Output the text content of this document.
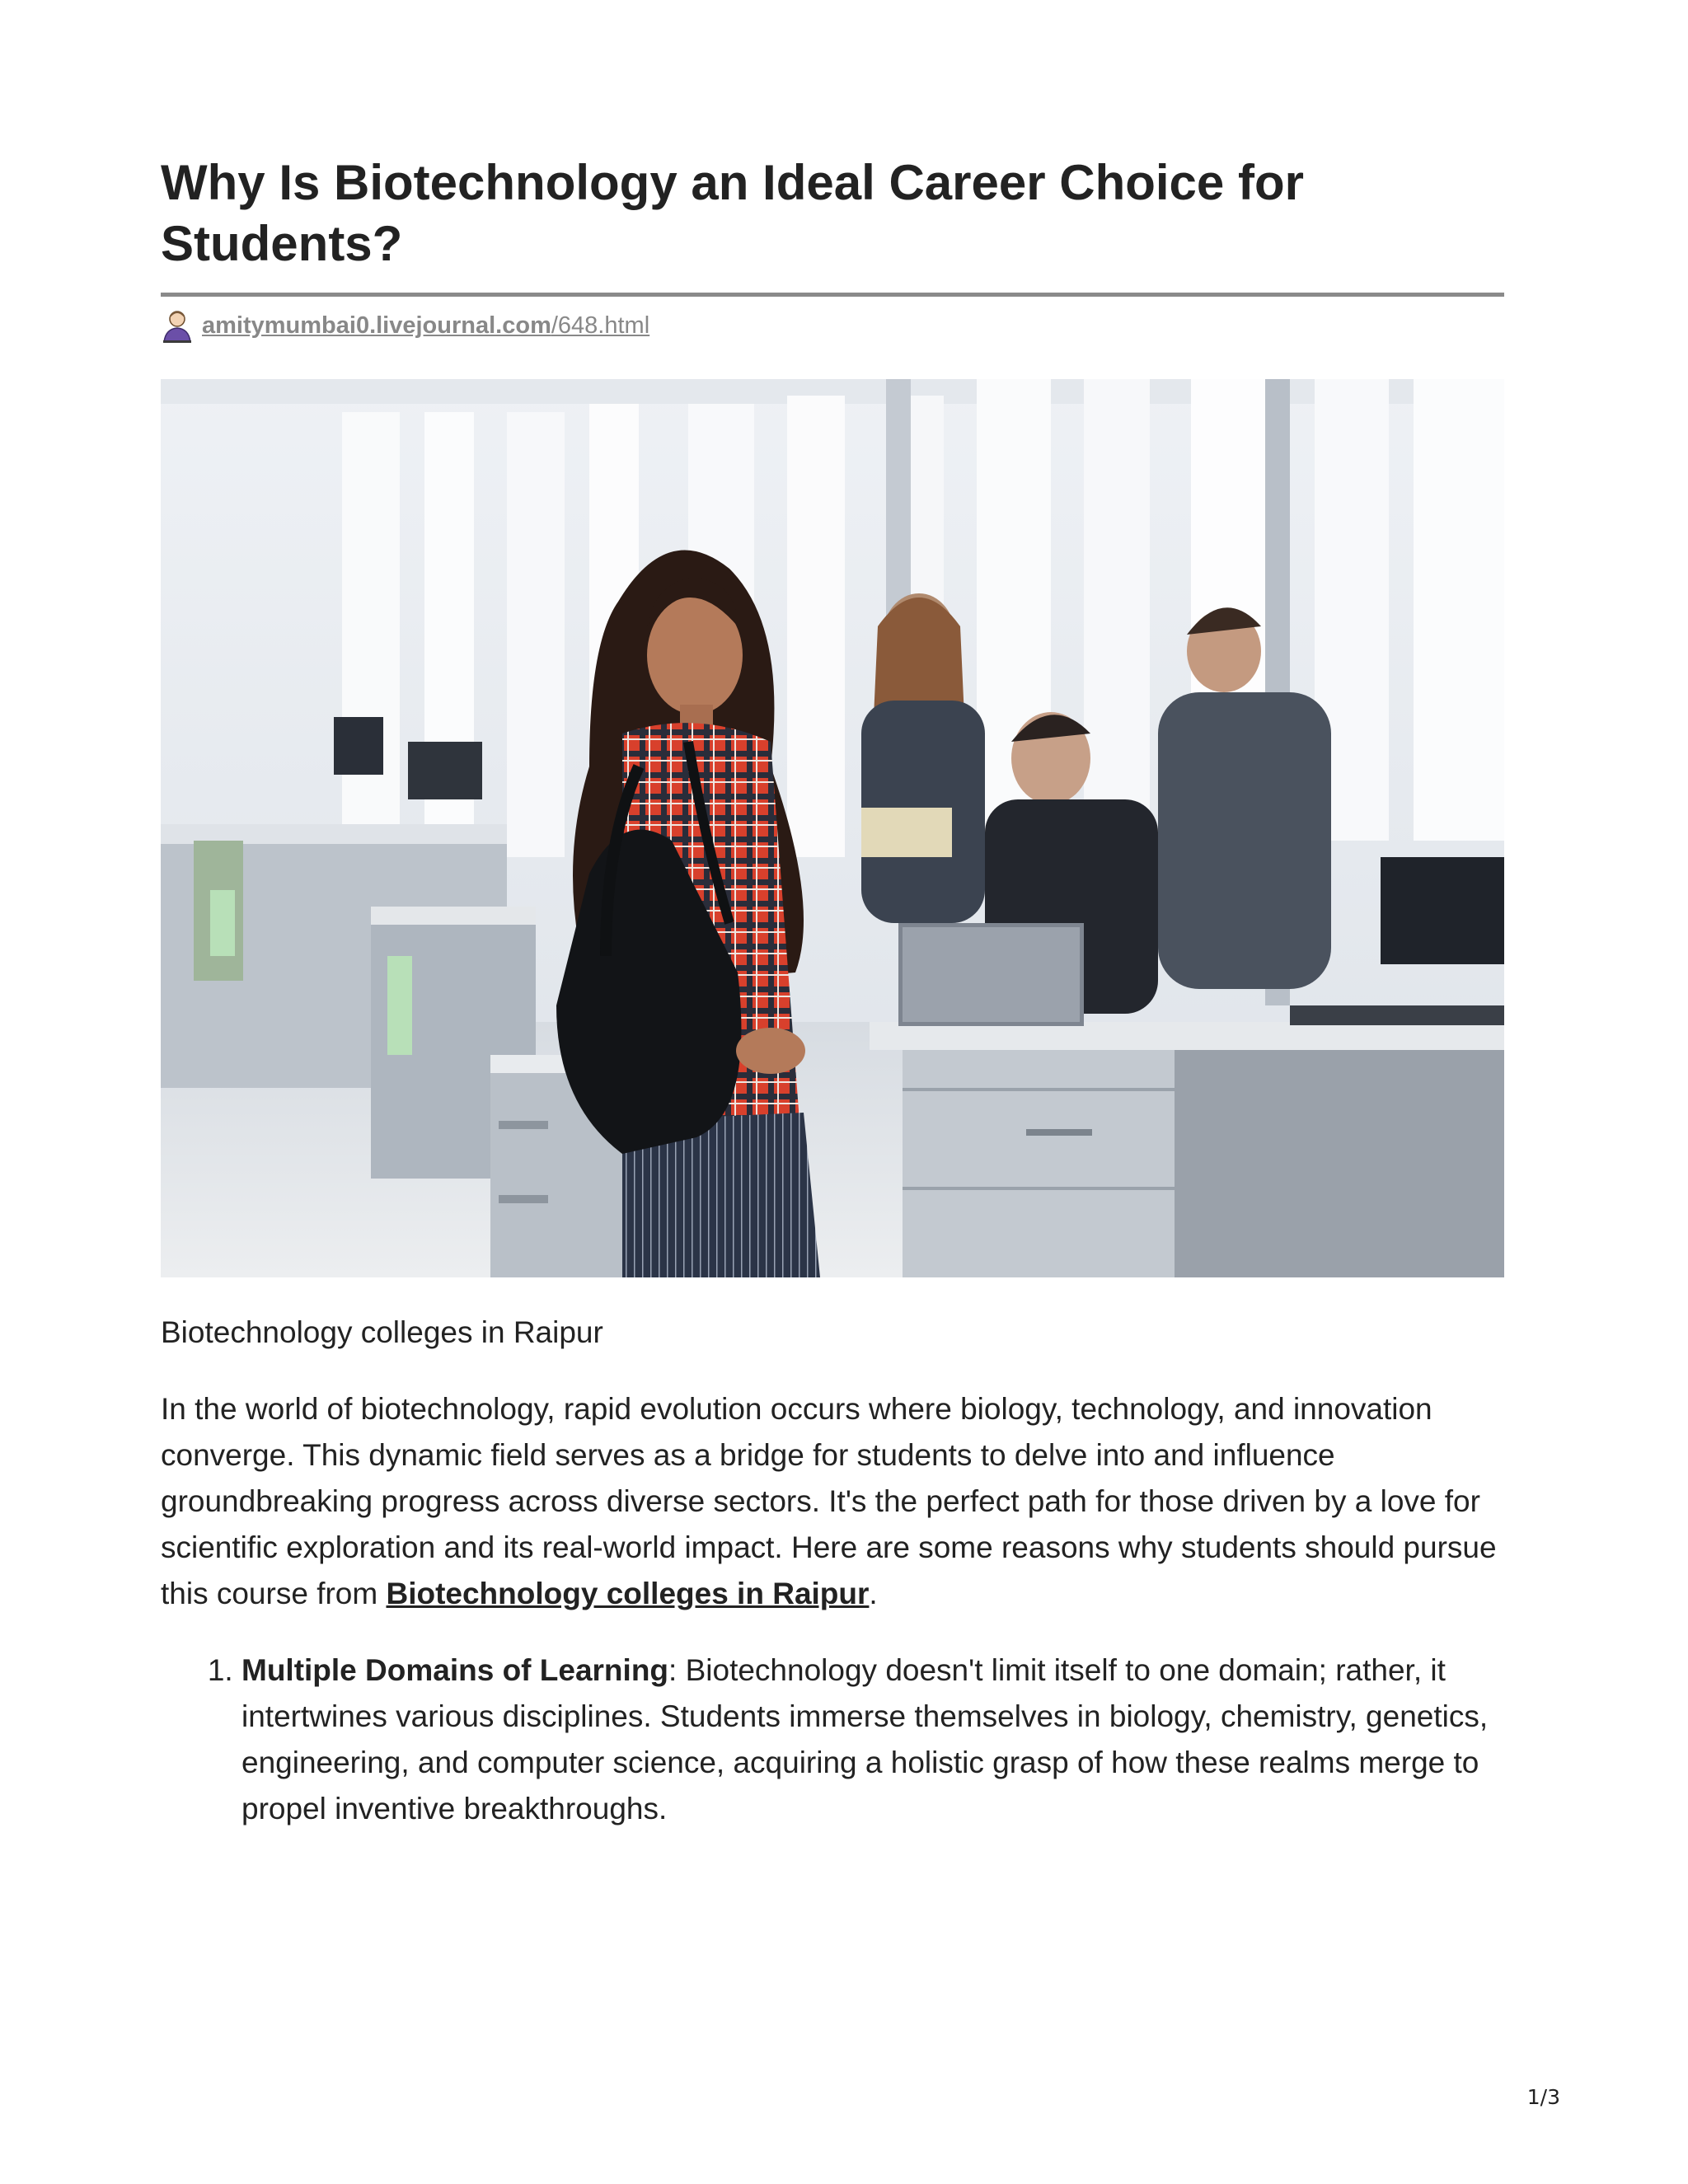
Why Is Biotechnology an Ideal Career Choice for Students?
amitymumbai0.livejournal.com/648.html
Biotechnology colleges in Raipur

In the world of biotechnology, rapid evolution occurs where biology, technology, and innovation converge. This dynamic field serves as a bridge for students to delve into and influence groundbreaking progress across diverse sectors. It's the perfect path for those driven by a love for scientific exploration and its real-world impact. Here are some reasons why students should pursue this course from Biotechnology colleges in Raipur.

1. Multiple Domains of Learning: Biotechnology doesn't limit itself to one domain; rather, it intertwines various disciplines. Students immerse themselves in biology, chemistry, genetics, engineering, and computer science, acquiring a holistic grasp of how these realms merge to propel inventive breakthroughs.
1/3
